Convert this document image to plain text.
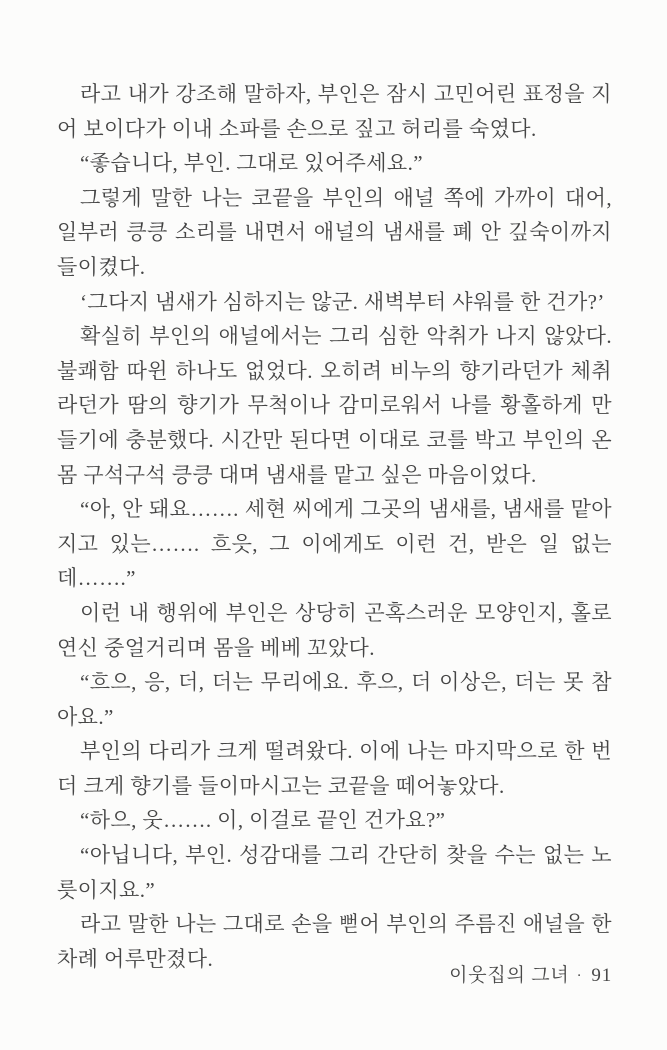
라고 내가 강조해 말하자, 부인은 잠시 고민어린 표정을 지어 보이다가 이내 소파를 손으로 짚고 허리를 숙였다.

“좋습니다, 부인. 그대로 있어주세요.”

그렇게 말한 나는 코끝을 부인의 애널 쪽에 가까이 대어, 일부러 킁킁 소리를 내면서 애널의 냄새를 폐 안 깊숙이까지 들이켰다.

‘그다지 냄새가 심하지는 않군. 새벽부터 샤워를 한 건가?’

확실히 부인의 애널에서는 그리 심한 악취가 나지 않았다. 불쾌함 따윈 하나도 없었다. 오히려 비누의 향기라던가 체취라던가 땀의 향기가 무척이나 감미로워서 나를 황홀하게 만들기에 충분했다. 시간만 된다면 이대로 코를 박고 부인의 온 몸 구석구석 킁킁 대며 냄새를 맡고 싶은 마음이었다.

“아, 안 돼요……. 세현 씨에게 그곳의 냄새를, 냄새를 맡아지고 있는……. 흐읏, 그 이에게도 이런 건, 받은 일 없는데…….”

이런 내 행위에 부인은 상당히 곤혹스러운 모양인지, 홀로 연신 중얼거리며 몸을 베베 꼬았다.

“흐으, 응, 더, 더는 무리에요. 후으, 더 이상은, 더는 못 참아요.”

부인의 다리가 크게 떨려왔다. 이에 나는 마지막으로 한 번 더 크게 향기를 들이마시고는 코끝을 떼어놓았다.

“하으, 웃……. 이, 이걸로 끝인 건가요?”

“아닙니다, 부인. 성감대를 그리 간단히 찾을 수는 없는 노릇이지요.”

라고 말한 나는 그대로 손을 뻗어 부인의 주름진 애널을 한 차례 어루만졌다.

이웃집의 그녀 · 91
